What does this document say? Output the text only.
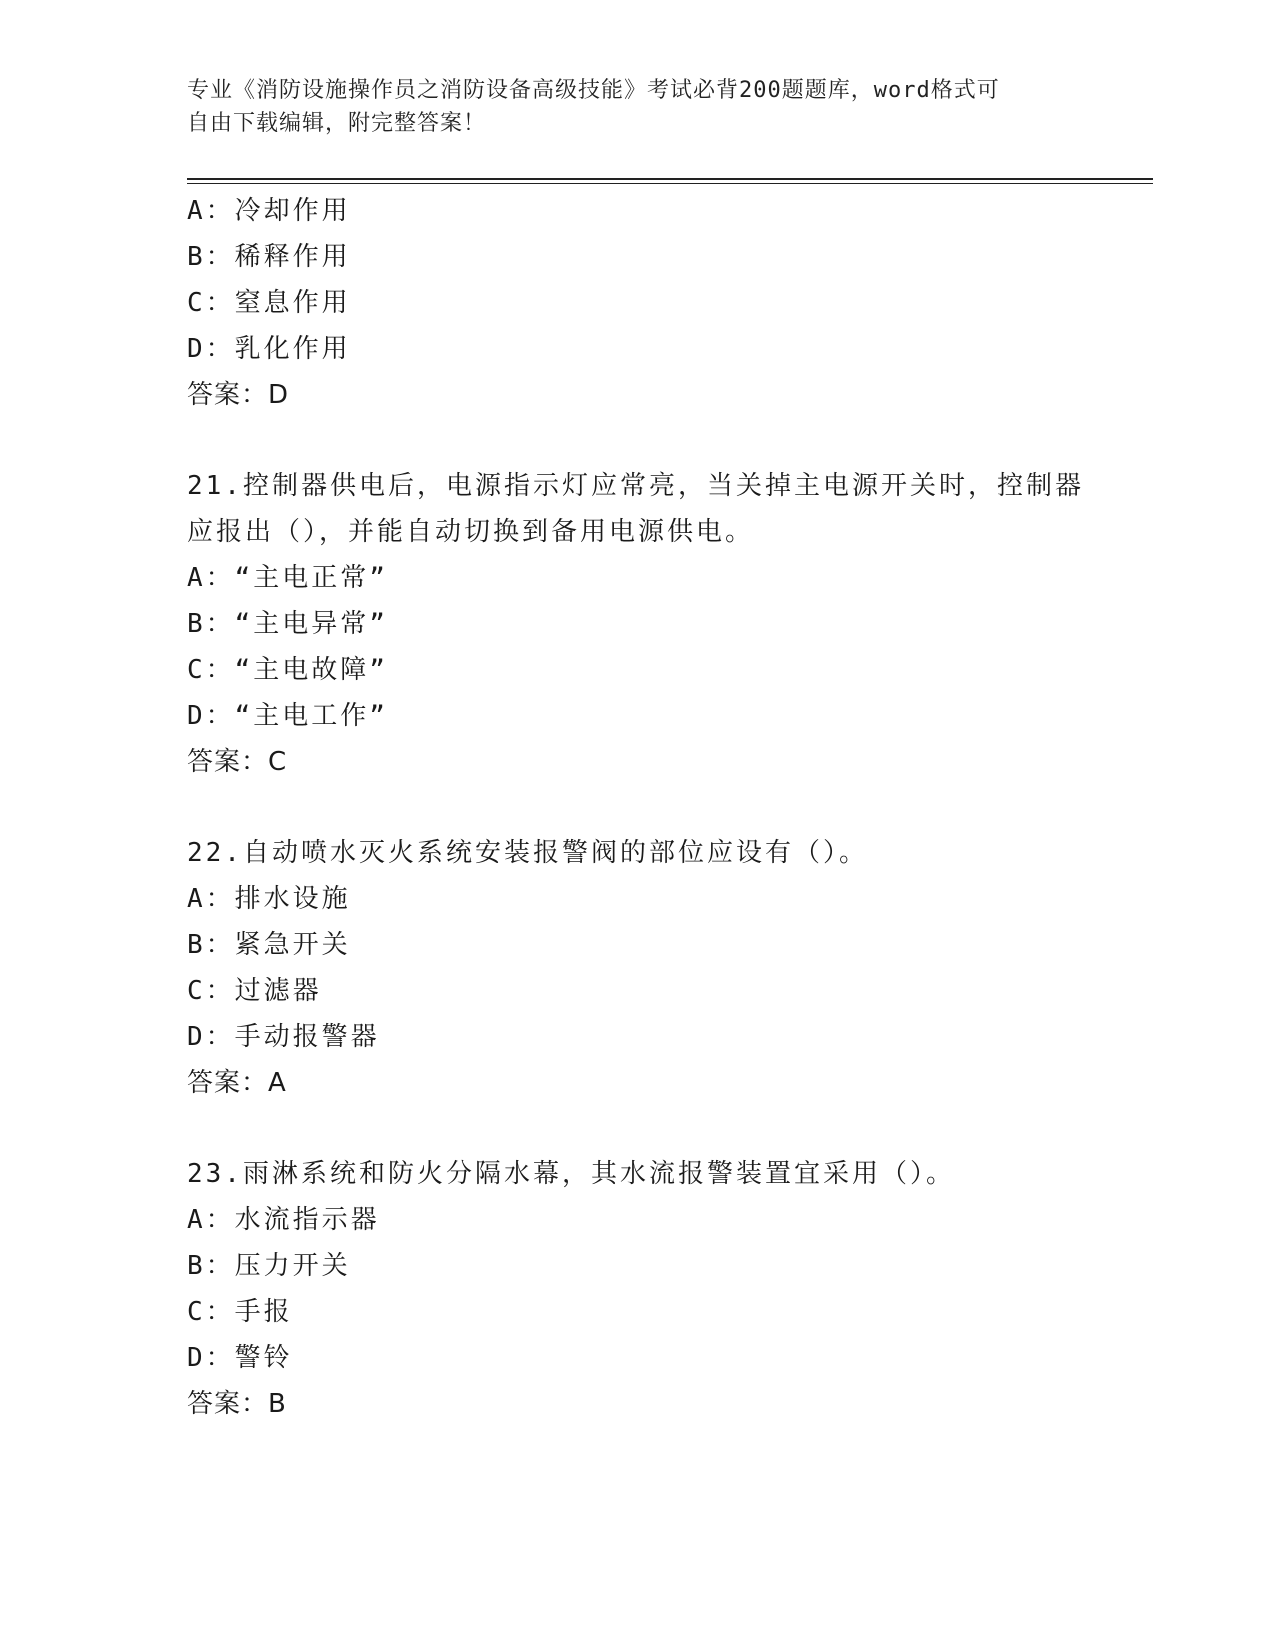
专业《消防设施操作员之消防设备高级技能》考试必背200题题库，word格式可
自由下载编辑，附完整答案！
A：冷却作用
B：稀释作用
C：窒息作用
D：乳化作用
答案：D
21.控制器供电后，电源指示灯应常亮，当关掉主电源开关时，控制器
应报出（），并能自动切换到备用电源供电。
A：“主电正常”
B：“主电异常”
C：“主电故障”
D：“主电工作”
答案：C
22.自动喷水灭火系统安装报警阀的部位应设有（）。
A：排水设施
B：紧急开关
C：过滤器
D：手动报警器
答案：A
23.雨淋系统和防火分隔水幕，其水流报警装置宜采用（）。
A：水流指示器
B：压力开关
C：手报
D：警铃
答案：B
